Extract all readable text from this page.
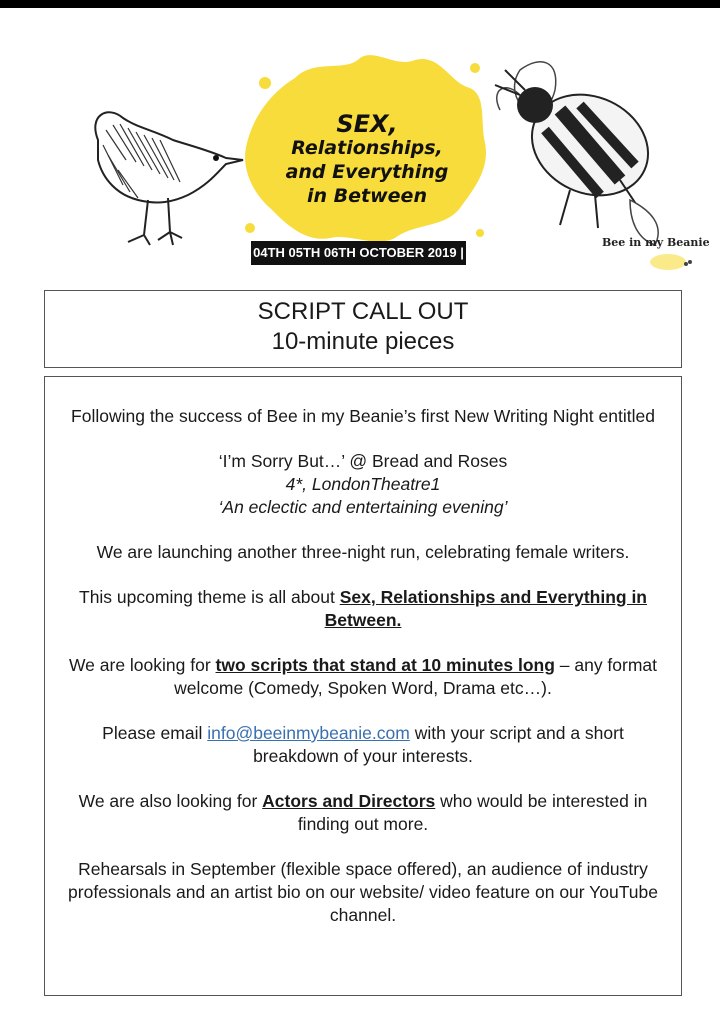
SEX,
Relationships,
and Everything
in Between
04TH 05TH 06TH OCTOBER 2019 | 7:30PM
Bee in my Beanie
SCRIPT CALL OUT
10-minute pieces

Following the success of Bee in my Beanie’s first New Writing Night entitled

‘I’m Sorry But…’ @ Bread and Roses
4*, LondonTheatre1
‘An eclectic and entertaining evening’

We are launching another three-night run, celebrating female writers.

This upcoming theme is all about Sex, Relationships and Everything in Between.

We are looking for two scripts that stand at 10 minutes long – any format welcome (Comedy, Spoken Word, Drama etc…).

Please email info@beeinmybeanie.com with your script and a short breakdown of your interests.

We are also looking for Actors and Directors who would be interested in finding out more.

Rehearsals in September (flexible space offered), an audience of industry professionals and an artist bio on our website/ video feature on our YouTube channel.
